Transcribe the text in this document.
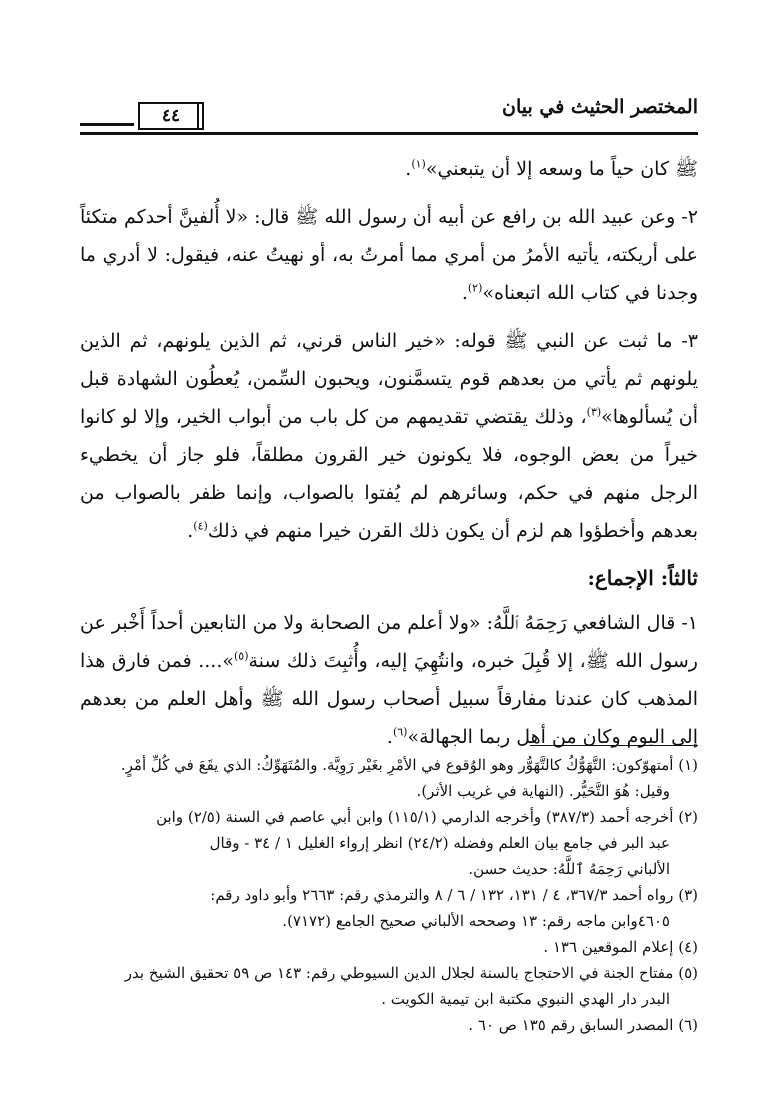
المختصر الحثيث في بيان
٤٤

ﷺ كان حياً ما وسعه إلا أن يتبعني»$^{(١)}$.

٢- وعن عبيد الله بن رافع عن أبيه أن رسول الله ﷺ قال: «لا أُلفينَّ أحدكم متكئاً على أريكته، يأتيه الأمرُ من أمري مما أمرتُ به، أو نهيتُ عنه، فيقول: لا أدري ما وجدنا في كتاب الله اتبعناه»$^{(٢)}$.

٣- ما ثبت عن النبي ﷺ قوله: «خير الناس قرني، ثم الذين يلونهم، ثم الذين يلونهم ثم يأتي من بعدهم قوم يتسمَّنون، ويحبون السِّمن، يُعطُون الشهادة قبل أن يُسألوها»$^{(٣)}$، وذلك يقتضي تقديمهم من كل باب من أبواب الخير، وإلا لو كانوا خيراً من بعض الوجوه، فلا يكونون خير القرون مطلقاً، فلو جاز أن يخطيء الرجل منهم في حكم، وسائرهم لم يُفتوا بالصواب، وإنما ظفر بالصواب من بعدهم وأخطؤوا هم لزم أن يكون ذلك القرن خيرا منهم في ذلك$^{(٤)}$.

ثالثاً: الإجماع:

١- قال الشافعي رَحِمَهُ ٱللَّهُ: «ولا أعلم من الصحابة ولا من التابعين أحداً أَخْبر عن رسول الله ﷺ، إلا قُبِلَ خبره، وانتُهِيَ إليه، وأُثبِتَ ذلك سنة$^{(٥)}$».... فمن فارق هذا المذهب كان عندنا مفارقاً سبيل أصحاب رسول الله ﷺ وأهل العلم من بعدهم إلى اليوم وكان من أهل ربما الجهالة»$^{(٦)}$.

(١) أمتهوّكون: التَّهَوُّكُ كالتَّهَوُّر وهو الوُقوع في الأمْرِ بغَيْر رَوِيَّة. والمُتَهَوِّكُ: الذي يقَعَ في كُلِّ أمْرٍ.
وقيل: هُوَ التَّحَيُّر. (النهاية في غريب الأثر).

(٢) أخرجه أحمد (٣٨٧/٣) وأخرجه الدارمي (١١٥/١) وابن أبي عاصم في السنة (٢/٥) وابن
عبد البر في جامع بيان العلم وفضله (٢٤/٢) انظر إرواء الغليل ١ / ٣٤ - وقال
الألباني رَحِمَهُ ٱللَّهُ: حديث حسن.

(٣) رواه أحمد ٣٦٧/٣، ٤ / ١٣١، ١٣٢ / ٦ / ٨ والترمذي رقم: ٢٦٦٣ وأبو داود رقم:
٤٦٠٥وابن ماجه رقم: ١٣ وصححه الألباني صحيح الجامع (٧١٧٢).

(٤) إعلام الموقعين ١٣٦ .

(٥) مفتاح الجنة في الاحتجاج بالسنة لجلال الدين السيوطي رقم: ١٤٣ ص ٥٩ تحقيق الشيخ بدر
البدر دار الهدي النبوي مكتبة ابن تيمية الكويت .

(٦) المصدر السابق رقم ١٣٥ ص ٦٠ .
